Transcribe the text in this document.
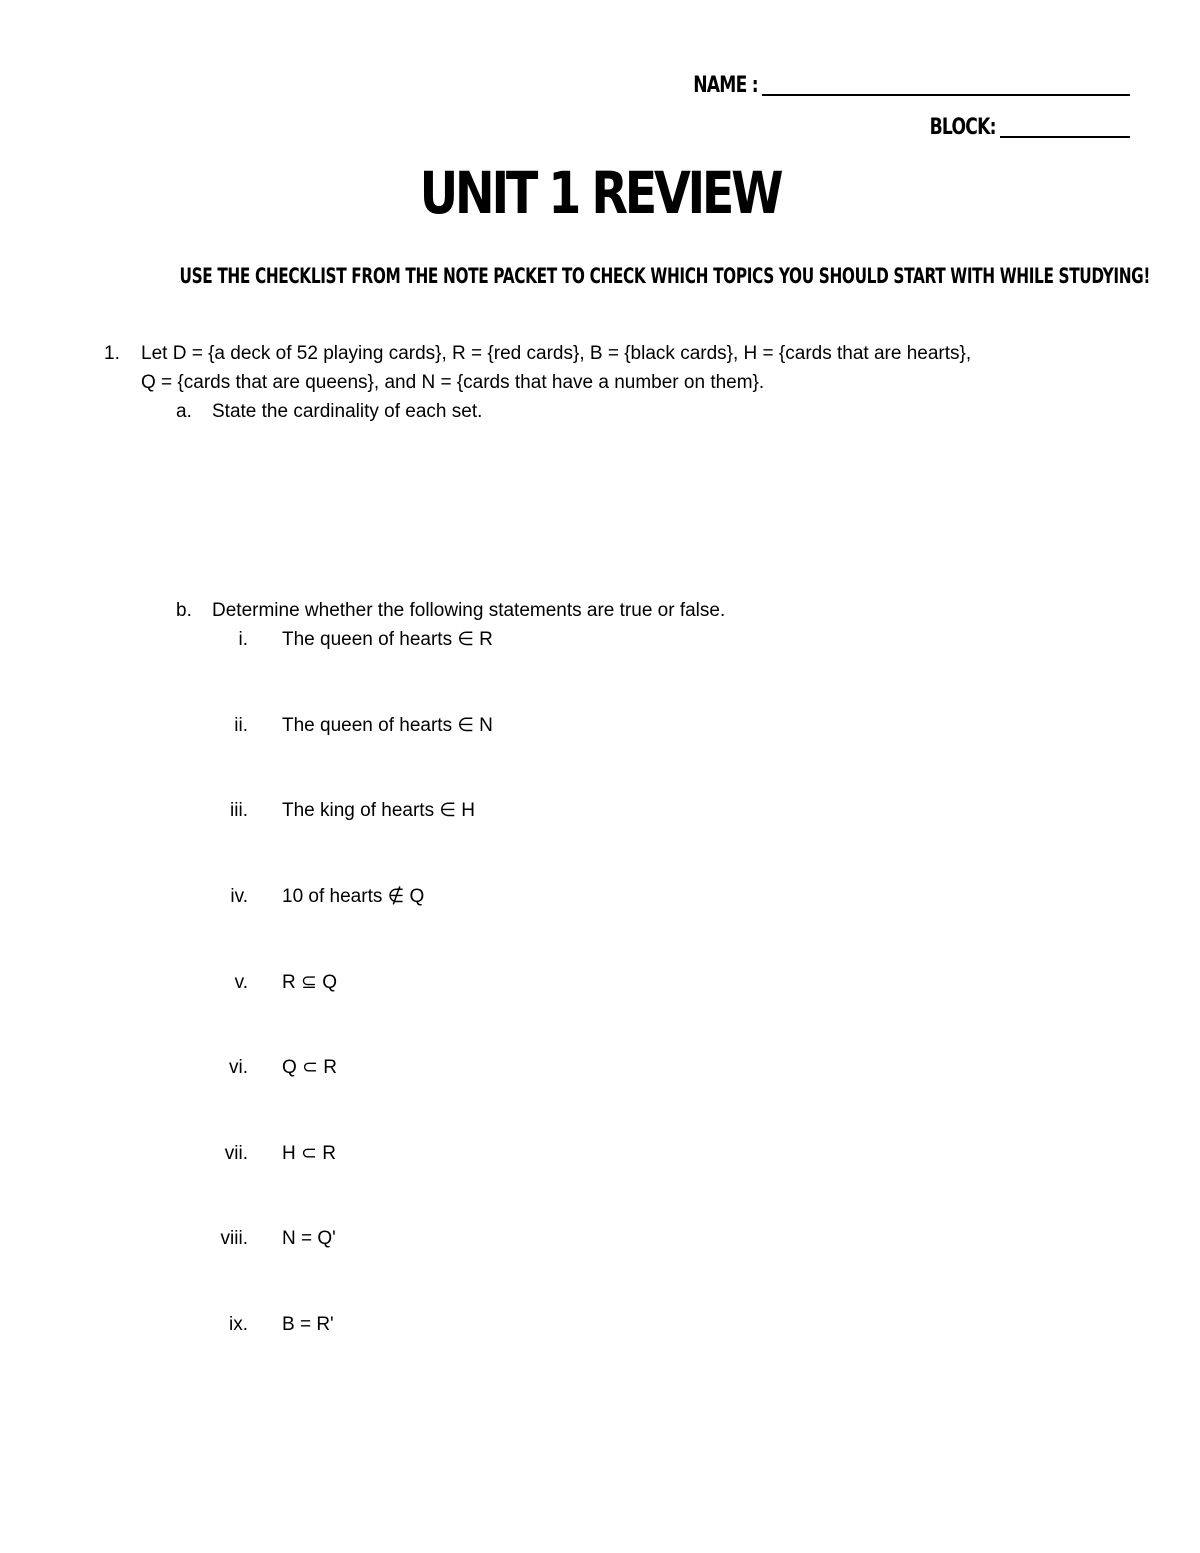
NAME :
BLOCK:
UNIT 1 REVIEW
USE THE CHECKLIST FROM THE NOTE PACKET TO CHECK WHICH TOPICS YOU SHOULD START WITH WHILE STUDYING!
1. Let D = {a deck of 52 playing cards}, R = {red cards}, B = {black cards}, H = {cards that are hearts},
Q = {cards that are queens}, and N = {cards that have a number on them}.
a. State the cardinality of each set.
b. Determine whether the following statements are true or false.
i. The queen of hearts ∈ R
ii. The queen of hearts ∈ N
iii. The king of hearts ∈ H
iv. 10 of hearts ∉ Q
v. R ⊆ Q
vi. Q ⊂ R
vii. H ⊂ R
viii. N = Q'
ix. B = R'
